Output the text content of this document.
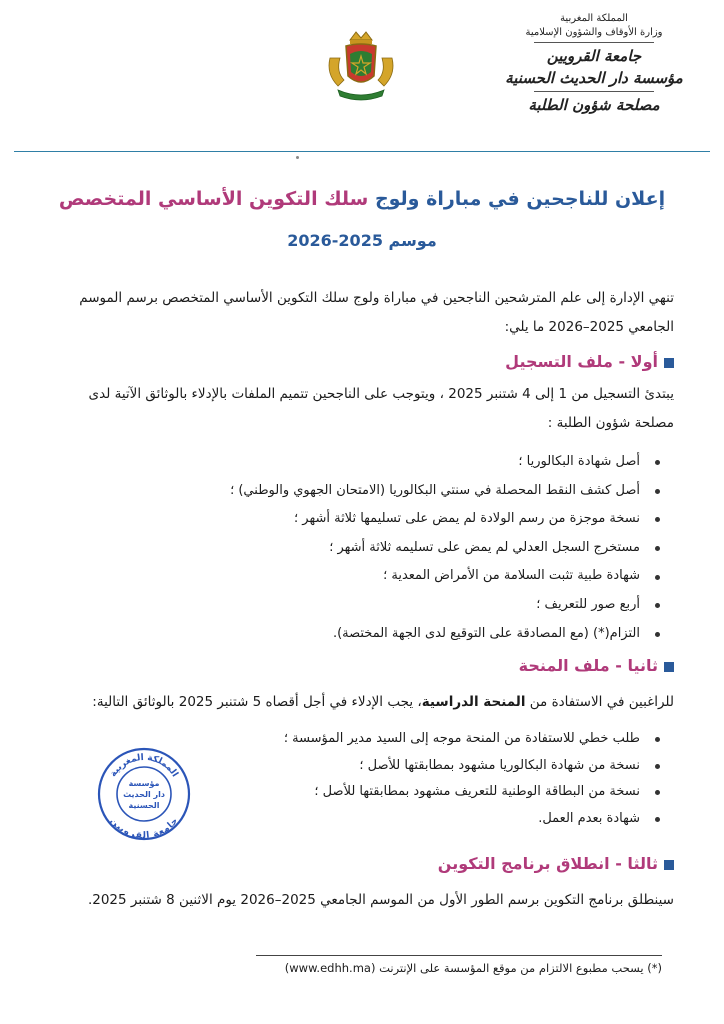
المملكة المغربية
وزارة الأوقاف والشؤون الإسلامية
جامعة القرويين
مؤسسة دار الحديث الحسنية
مصلحة شؤون الطلبة
إعلان للناجحين في مباراة ولوج سلك التكوين الأساسي المتخصص
موسم 2025-2026
تنهي الإدارة إلى علم المترشحين الناجحين في مباراة ولوج سلك التكوين الأساسي المتخصص برسم الموسم الجامعي 2025–2026 ما يلي:
أولا - ملف التسجيل
يبتدئ التسجيل من 1 إلى 4 شتنبر 2025 ، ويتوجب على الناجحين تتميم الملفات بالإدلاء بالوثائق الآتية لدى مصلحة شؤون الطلبة :
أصل شهادة البكالوريا ؛
أصل كشف النقط المحصلة في سنتي البكالوريا (الامتحان الجهوي والوطني) ؛
نسخة موجزة من رسم الولادة لم يمض على تسليمها ثلاثة أشهر ؛
مستخرج السجل العدلي لم يمض على تسليمه ثلاثة أشهر ؛
شهادة طبية تثبت السلامة من الأمراض المعدية ؛
أربع صور للتعريف ؛
التزام(*) (مع المصادقة على التوقيع لدى الجهة المختصة).
ثانيا - ملف المنحة
للراغبين في الاستفادة من المنحة الدراسية، يجب الإدلاء في أجل أقصاه 5 شتنبر 2025 بالوثائق التالية:
طلب خطي للاستفادة من المنحة موجه إلى السيد مدير المؤسسة ؛
نسخة من شهادة البكالوريا مشهود بمطابقتها للأصل ؛
نسخة من البطاقة الوطنية للتعريف مشهود بمطابقتها للأصل ؛
شهادة بعدم العمل.
المملكة المغربية
جامعة القرويين
مؤسسة
دار الحديث
الحسنية
ثالثا - انطلاق برنامج التكوين
سينطلق برنامج التكوين برسم الطور الأول من الموسم الجامعي 2025–2026 يوم الاثنين 8 شتنبر 2025.
(*) يسحب مطبوع الالتزام من موقع المؤسسة على الإنترنت (www.edhh.ma)
